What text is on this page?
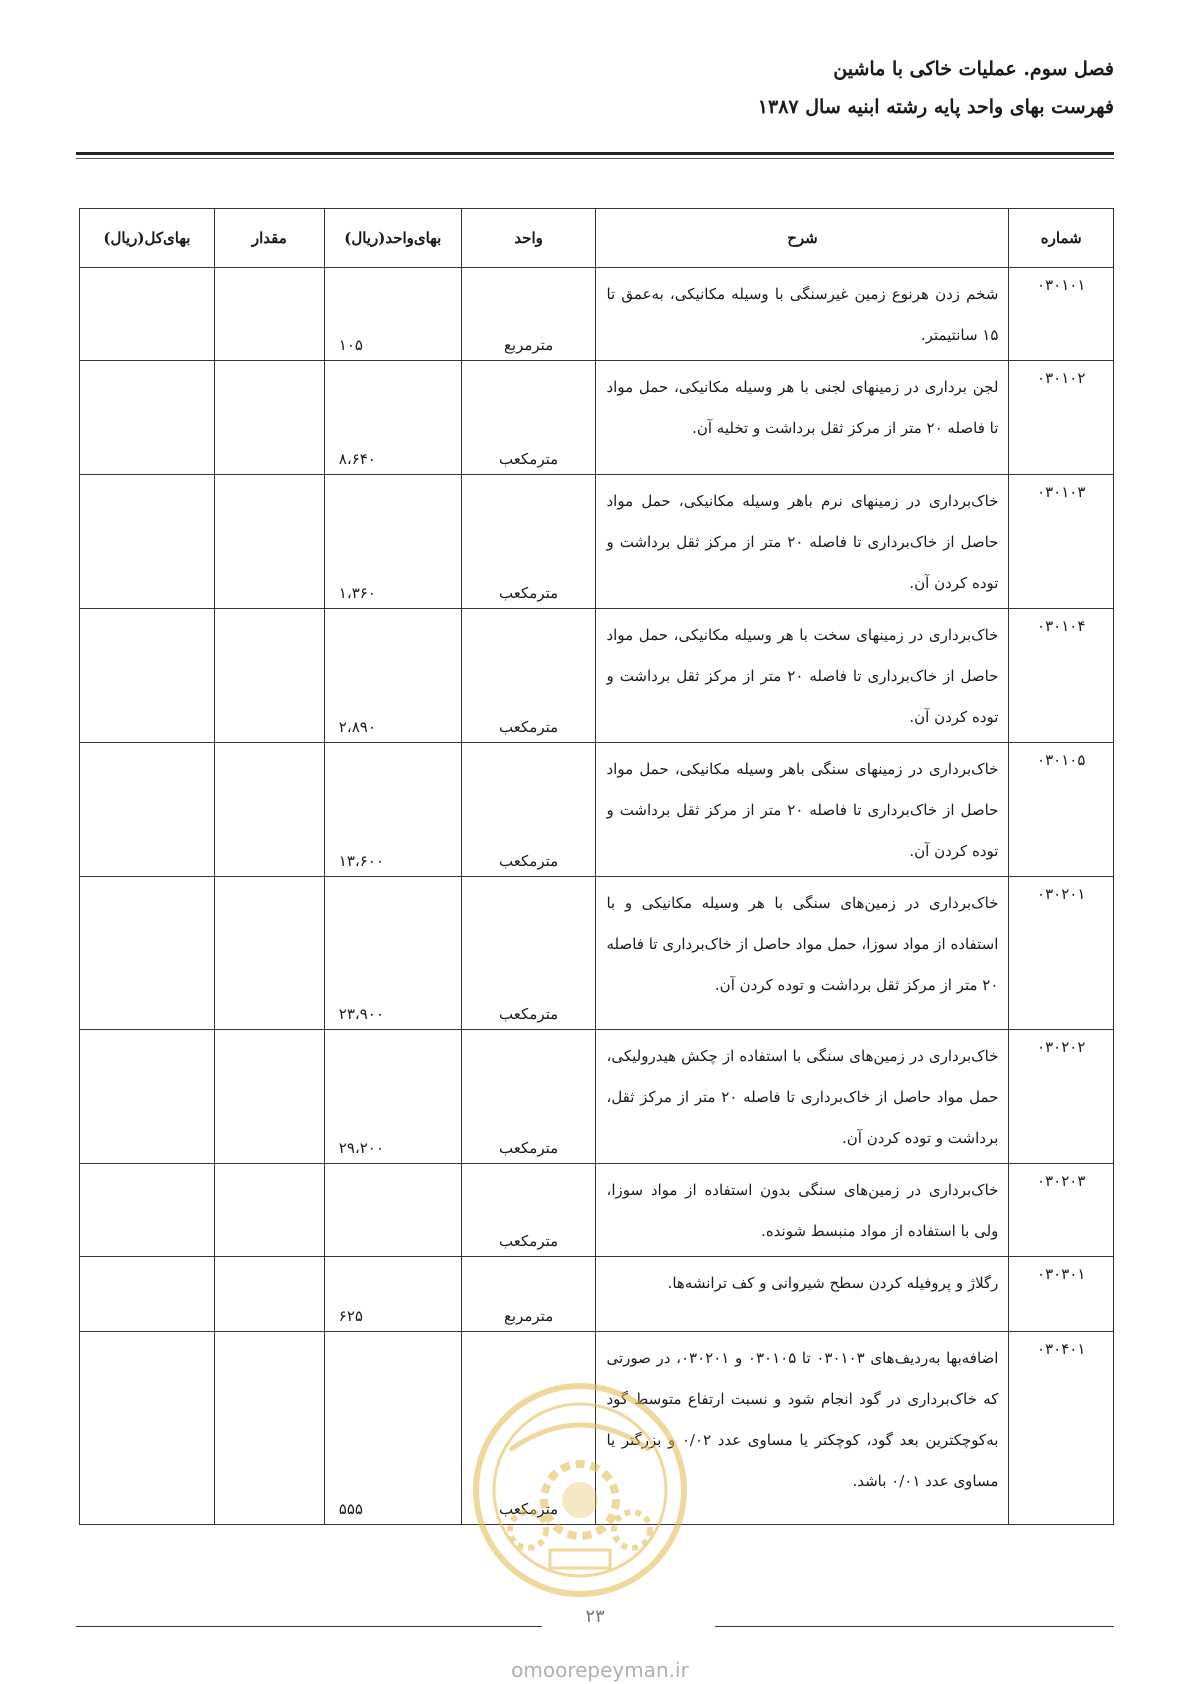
فصل سوم. عملیات خاکی با ماشین
فهرست بهای واحد پایه رشته ابنیه سال ۱۳۸۷
شماره	شرح	واحد	بهای‌واحد(ریال)	مقدار	بهای‌کل(ریال)
۰۳۰۱۰۱	شخم زدن هرنوع زمین غیرسنگی با وسیله مکانیکی، به‌عمق تا ۱۵ سانتیمتر.	مترمربع	۱۰۵		
۰۳۰۱۰۲	لجن برداری در زمینهای لجنی با هر وسیله مکانیکی، حمل مواد تا فاصله ۲۰ متر از مرکز ثقل برداشت و تخلیه آن.	مترمکعب	۸،۶۴۰		
۰۳۰۱۰۳	خاک‌برداری در زمینهای نرم باهر وسیله مکانیکی، حمل مواد حاصل از خاک‌برداری تا فاصله ۲۰ متر از مرکز ثقل برداشت و توده کردن آن.	مترمکعب	۱،۳۶۰		
۰۳۰۱۰۴	خاک‌برداری در زمینهای سخت با هر وسیله مکانیکی، حمل مواد حاصل از خاک‌برداری تا فاصله ۲۰ متر از مرکز ثقل برداشت و توده کردن آن.	مترمکعب	۲،۸۹۰		
۰۳۰۱۰۵	خاک‌برداری در زمینهای سنگی باهر وسیله مکانیکی، حمل مواد حاصل از خاک‌برداری تا فاصله ۲۰ متر از مرکز ثقل برداشت و توده کردن آن.	مترمکعب	۱۳،۶۰۰		
۰۳۰۲۰۱	خاک‌برداری در زمین‌های سنگی با هر وسیله مکانیکی و با استفاده از مواد سوزا، حمل مواد حاصل از خاک‌برداری تا فاصله ۲۰ متر از مرکز ثقل برداشت و توده کردن آن.	مترمکعب	۲۳،۹۰۰		
۰۳۰۲۰۲	خاک‌برداری در زمین‌های سنگی با استفاده از چکش هیدرولیکی، حمل مواد حاصل از خاک‌برداری تا فاصله ۲۰ متر از مرکز ثقل، برداشت و توده کردن آن.	مترمکعب	۲۹،۲۰۰		
۰۳۰۲۰۳	خاک‌برداری در زمین‌های سنگی بدون استفاده از مواد سوزا، ولی با استفاده از مواد منبسط شونده.	مترمکعب			
۰۳۰۳۰۱	رگلاژ و پروفیله کردن سطح شیروانی و کف ترانشه‌ها.	مترمربع	۶۲۵		
۰۳۰۴۰۱	اضافه‌بها به‌ردیف‌های ۰۳۰۱۰۳ تا ۰۳۰۱۰۵ و ۰۳۰۲۰۱، در صورتی که خاک‌برداری در گود انجام شود و نسبت ارتفاع متوسط گود به‌کوچکترین بعد گود، کوچکتر یا مساوی عدد ۰/۰۲ و بزرگتر یا مساوی عدد ۰/۰۱ باشد.	مترمکعب	۵۵۵		
۲۳
omoorepeyman.ir
